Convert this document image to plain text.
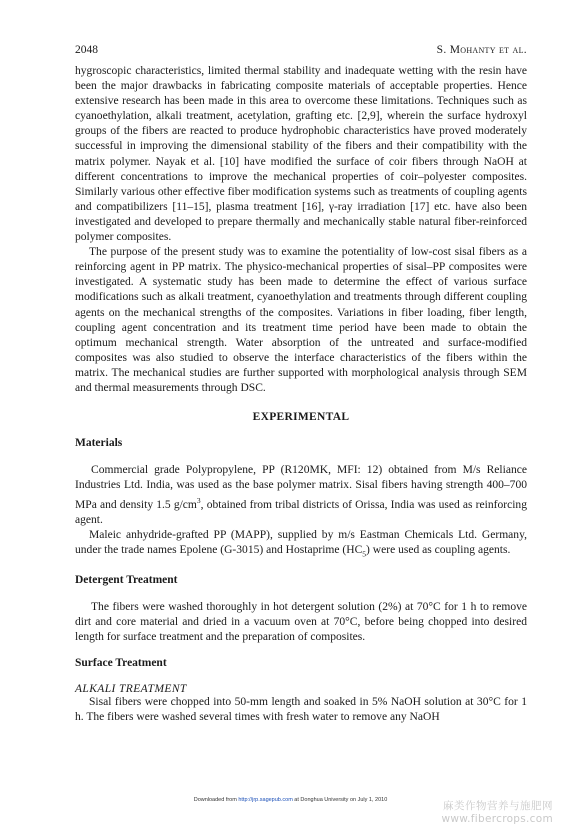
2048	S. Mohanty et al.

hygroscopic characteristics, limited thermal stability and inadequate wetting with the resin have been the major drawbacks in fabricating composite materials of acceptable properties. Hence extensive research has been made in this area to overcome these limitations. Techniques such as cyanoethylation, alkali treatment, acetylation, grafting etc. [2,9], wherein the surface hydroxyl groups of the fibers are reacted to produce hydrophobic characteristics have proved moderately successful in improving the dimensional stability of the fibers and their compatibility with the matrix polymer. Nayak et al. [10] have modified the surface of coir fibers through NaOH at different concentrations to improve the mechanical properties of coir–polyester composites. Similarly various other effective fiber modification systems such as treatments of coupling agents and compatibilizers [11–15], plasma treatment [16], γ-ray irradiation [17] etc. have also been investigated and developed to prepare thermally and mechanically stable natural fiber-reinforced polymer composites.

The purpose of the present study was to examine the potentiality of low-cost sisal fibers as a reinforcing agent in PP matrix. The physico-mechanical properties of sisal–PP composites were investigated. A systematic study has been made to determine the effect of various surface modifications such as alkali treatment, cyanoethylation and treatments through different coupling agents on the mechanical strengths of the composites. Variations in fiber loading, fiber length, coupling agent concentration and its treatment time period have been made to obtain the optimum mechanical strength. Water absorption of the untreated and surface-modified composites was also studied to observe the interface characteristics of the fibers within the matrix. The mechanical studies are further supported with morphological analysis through SEM and thermal measurements through DSC.

EXPERIMENTAL
Materials

Commercial grade Polypropylene, PP (R120MK, MFI: 12) obtained from M/s Reliance Industries Ltd. India, was used as the base polymer matrix. Sisal fibers having strength 400–700 MPa and density 1.5 $g/cm^3$, obtained from tribal districts of Orissa, India was used as reinforcing agent.

Maleic anhydride-grafted PP (MAPP), supplied by m/s Eastman Chemicals Ltd. Germany, under the trade names Epolene (G-3015) and Hostaprime $(HC_5)$ were used as coupling agents.

Detergent Treatment

The fibers were washed thoroughly in hot detergent solution (2%) at 70°C for 1 h to remove dirt and core material and dried in a vacuum oven at 70°C, before being chopped into desired length for surface treatment and the preparation of composites.

Surface Treatment
ALKALI TREATMENT

Sisal fibers were chopped into 50-mm length and soaked in 5% NaOH solution at 30°C for 1 h. The fibers were washed several times with fresh water to remove any NaOH

Downloaded from http://jrp.sagepub.com at Donghua University on July 1, 2010	麻类作物营养与施肥网
www.fibercrops.com
